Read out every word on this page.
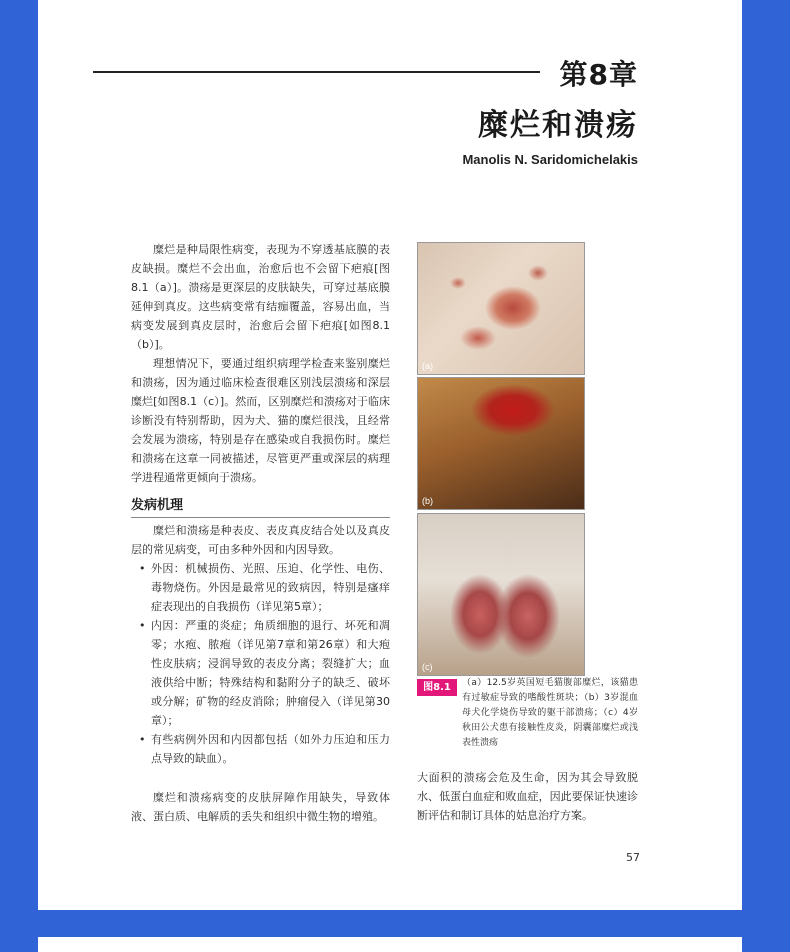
第8章
糜烂和溃疡
Manolis N. Saridomichelakis

糜烂是种局限性病变，表现为不穿透基底膜的表皮缺损。糜烂不会出血，治愈后也不会留下疤痕[图8.1（a）]。溃疡是更深层的皮肤缺失，可穿过基底膜延伸到真皮。这些病变常有结痂覆盖，容易出血，当病变发展到真皮层时，治愈后会留下疤痕[如图8.1（b）]。

理想情况下，要通过组织病理学检查来鉴别糜烂和溃疡，因为通过临床检查很难区别浅层溃疡和深层糜烂[如图8.1（c）]。然而，区别糜烂和溃疡对于临床诊断没有特别帮助，因为犬、猫的糜烂很浅，且经常会发展为溃疡，特别是存在感染或自我损伤时。糜烂和溃疡在这章一同被描述，尽管更严重或深层的病理学进程通常更倾向于溃疡。

发病机理

糜烂和溃疡是种表皮、表皮真皮结合处以及真皮层的常见病变，可由多种外因和内因导致。

• 外因：机械损伤、光照、压迫、化学性、电伤、毒物烧伤。外因是最常见的致病因，特别是瘙痒症表现出的自我损伤（详见第5章）；
• 内因：严重的炎症；角质细胞的退行、坏死和凋零；水疱、脓疱（详见第7章和第26章）和大疱性皮肤病；浸润导致的表皮分离；裂缝扩大；血液供给中断；特殊结构和黏附分子的缺乏、破坏或分解；矿物的经皮消除；肿瘤侵入（详见第30章）；
• 有些病例外因和内因都包括（如外力压迫和压力点导致的缺血）。

糜烂和溃疡病变的皮肤屏障作用缺失，导致体液、蛋白质、电解质的丢失和组织中微生物的增殖。

(a)
(b)
(c)
图8.1	（a）12.5岁英国短毛猫腹部糜烂，该猫患有过敏症导致的嗜酸性斑块；（b）3岁混血母犬化学烧伤导致的躯干部溃疡；（c）4岁秋田公犬患有接触性皮炎，阴囊部糜烂或浅表性溃疡

大面积的溃疡会危及生命，因为其会导致脱水、低蛋白血症和败血症，因此要保证快速诊断评估和制订具体的姑息治疗方案。

57
